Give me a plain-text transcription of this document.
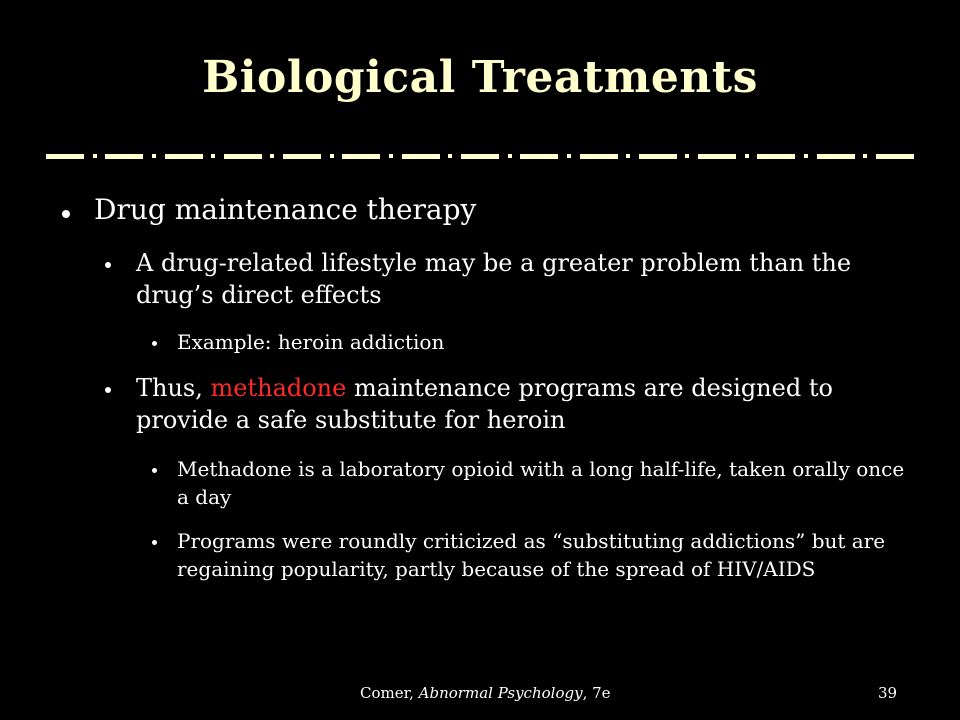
Biological Treatments
Drug maintenance therapy
A drug-related lifestyle may be a greater problem than the drug’s direct effects
Example: heroin addiction
Thus, methadone maintenance programs are designed to provide a safe substitute for heroin
Methadone is a laboratory opioid with a long half-life, taken orally once a day
Programs were roundly criticized as “substituting addictions” but are regaining popularity, partly because of the spread of HIV/AIDS
Comer, Abnormal Psychology, 7e	39
